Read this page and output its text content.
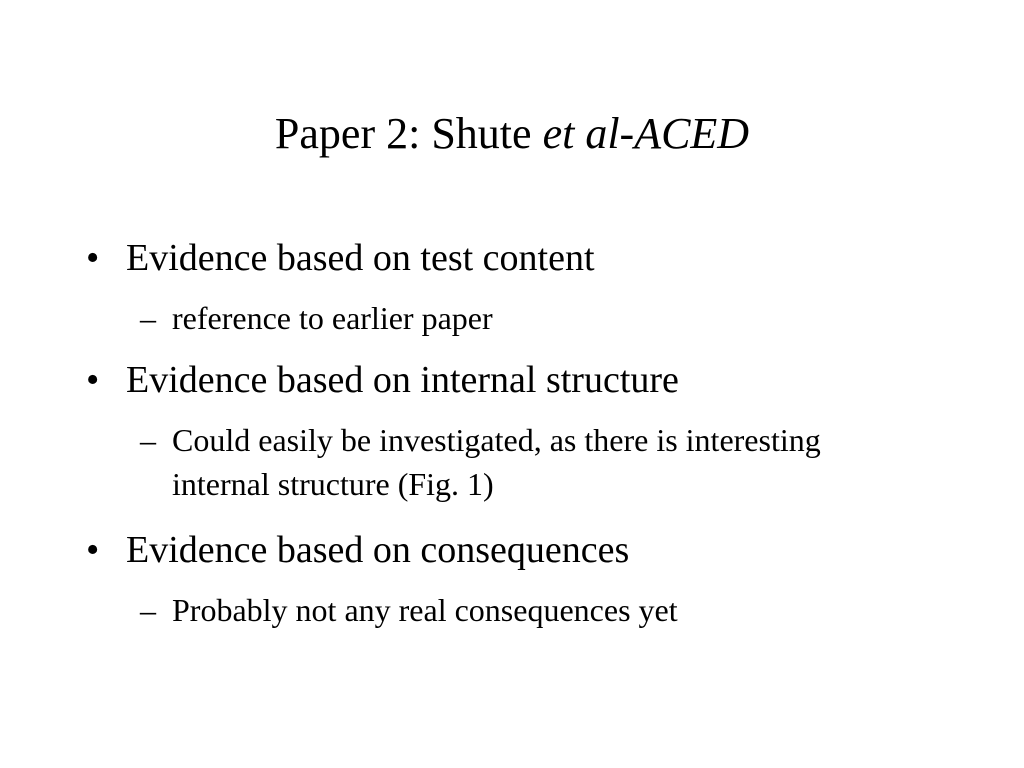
Paper 2: Shute et al-ACED
• Evidence based on test content
– reference to earlier paper
• Evidence based on internal structure
– Could easily be investigated, as there is interesting internal structure (Fig. 1)
• Evidence based on consequences
– Probably not any real consequences yet
